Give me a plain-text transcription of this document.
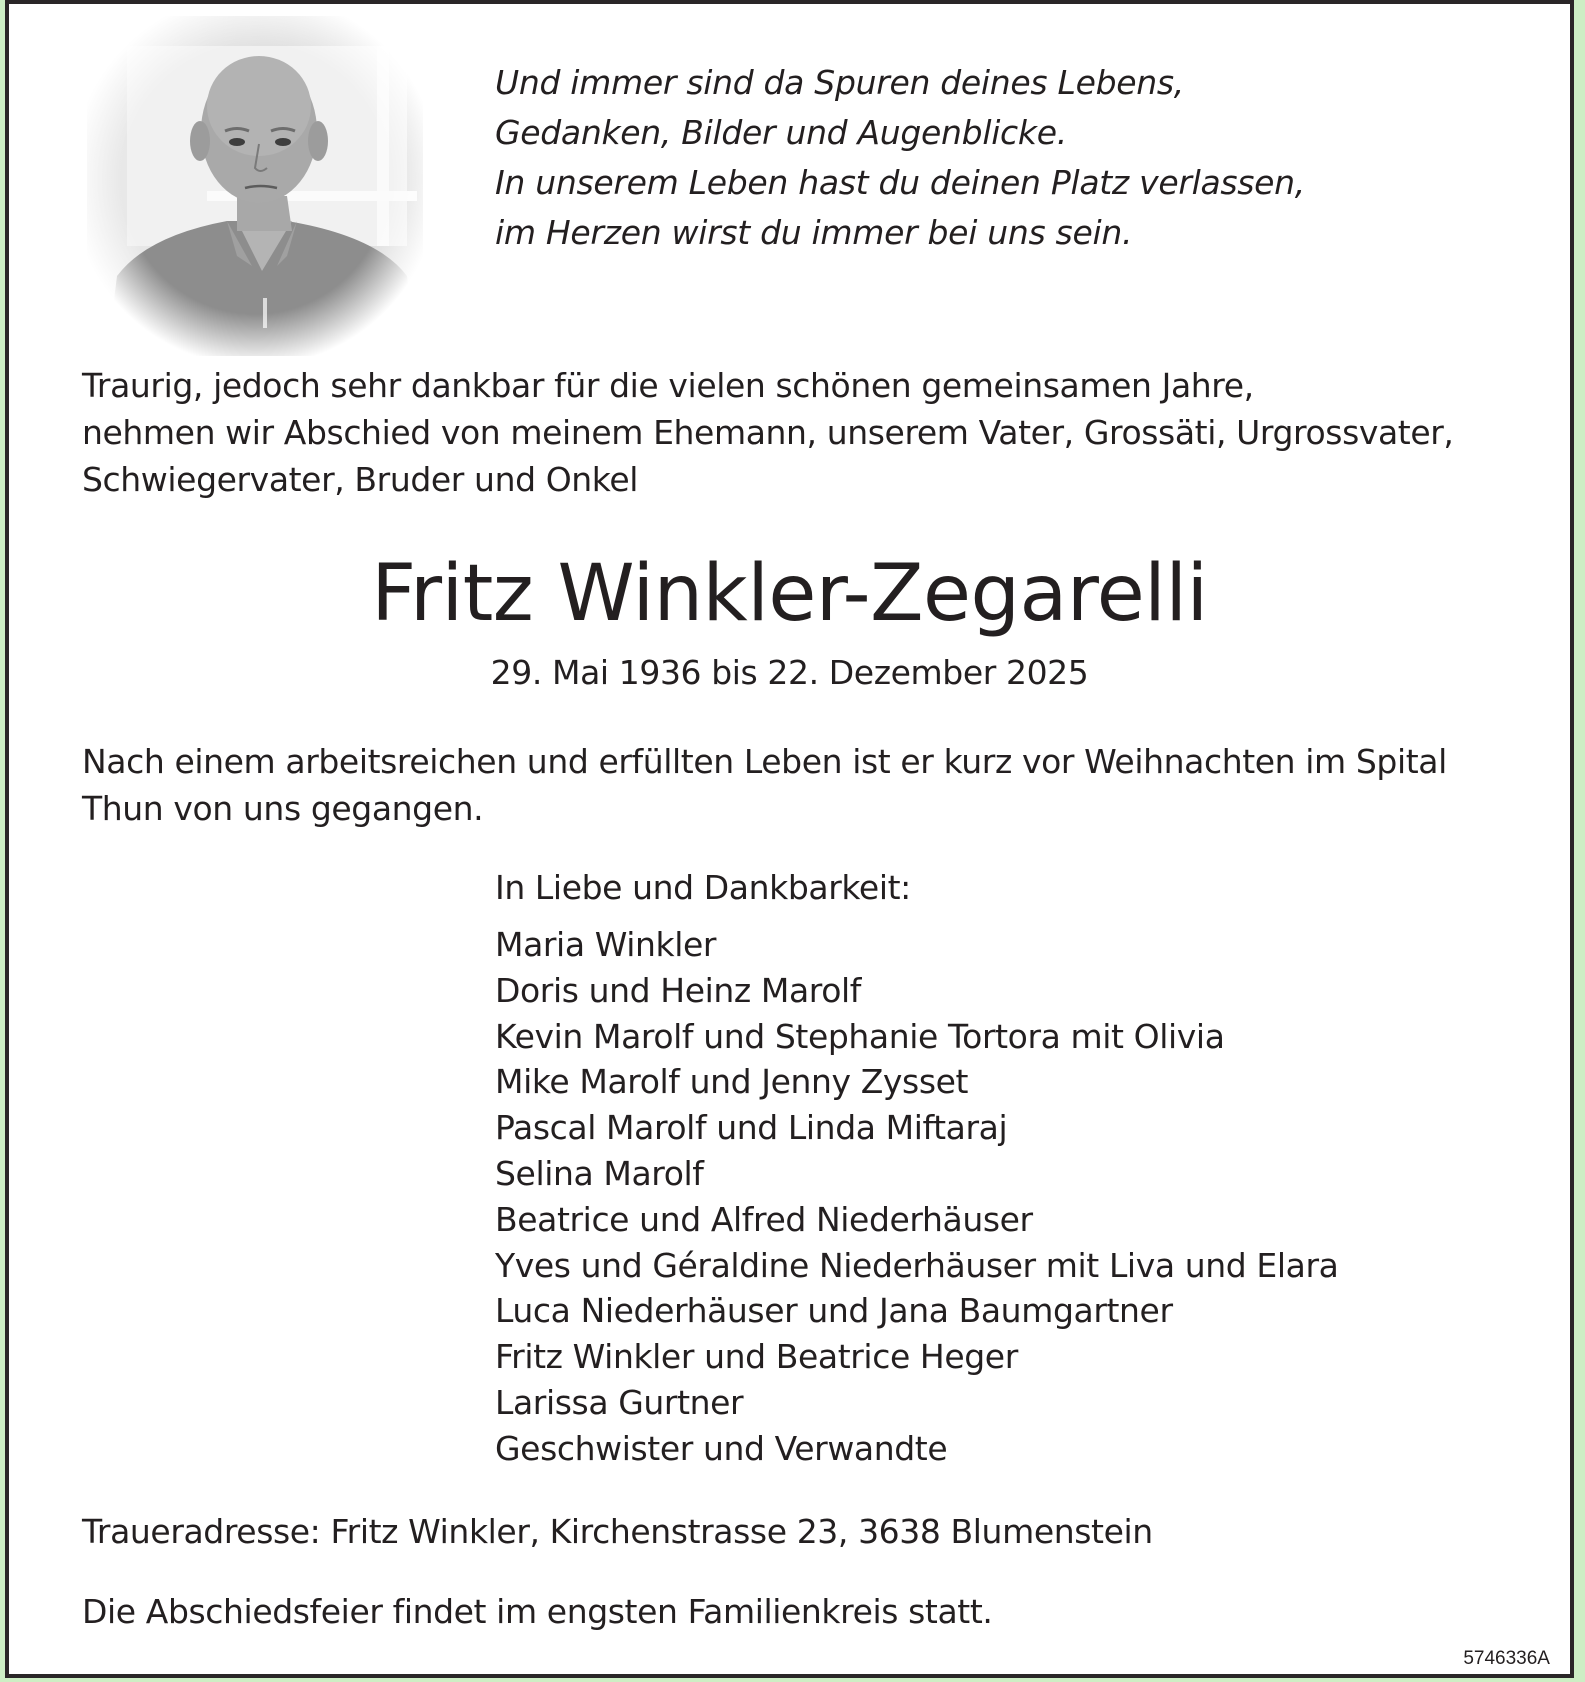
Und immer sind da Spuren deines Lebens,
Gedanken, Bilder und Augenblicke.
In unserem Leben hast du deinen Platz verlassen,
im Herzen wirst du immer bei uns sein.
Traurig, jedoch sehr dankbar für die vielen schönen gemeinsamen Jahre,
nehmen wir Abschied von meinem Ehemann, unserem Vater, Grossäti, Urgrossvater,
Schwiegervater, Bruder und Onkel
Fritz Winkler-Zegarelli
29. Mai 1936 bis 22. Dezember 2025
Nach einem arbeitsreichen und erfüllten Leben ist er kurz vor Weihnachten im Spital
Thun von uns gegangen.
In Liebe und Dankbarkeit:
Maria Winkler
Doris und Heinz Marolf
Kevin Marolf und Stephanie Tortora mit Olivia
Mike Marolf und Jenny Zysset
Pascal Marolf und Linda Miftaraj
Selina Marolf
Beatrice und Alfred Niederhäuser
Yves und Géraldine Niederhäuser mit Liva und Elara
Luca Niederhäuser und Jana Baumgartner
Fritz Winkler und Beatrice Heger
Larissa Gurtner
Geschwister und Verwandte
Traueradresse: Fritz Winkler, Kirchenstrasse 23, 3638 Blumenstein
Die Abschiedsfeier findet im engsten Familienkreis statt.
5746336A
